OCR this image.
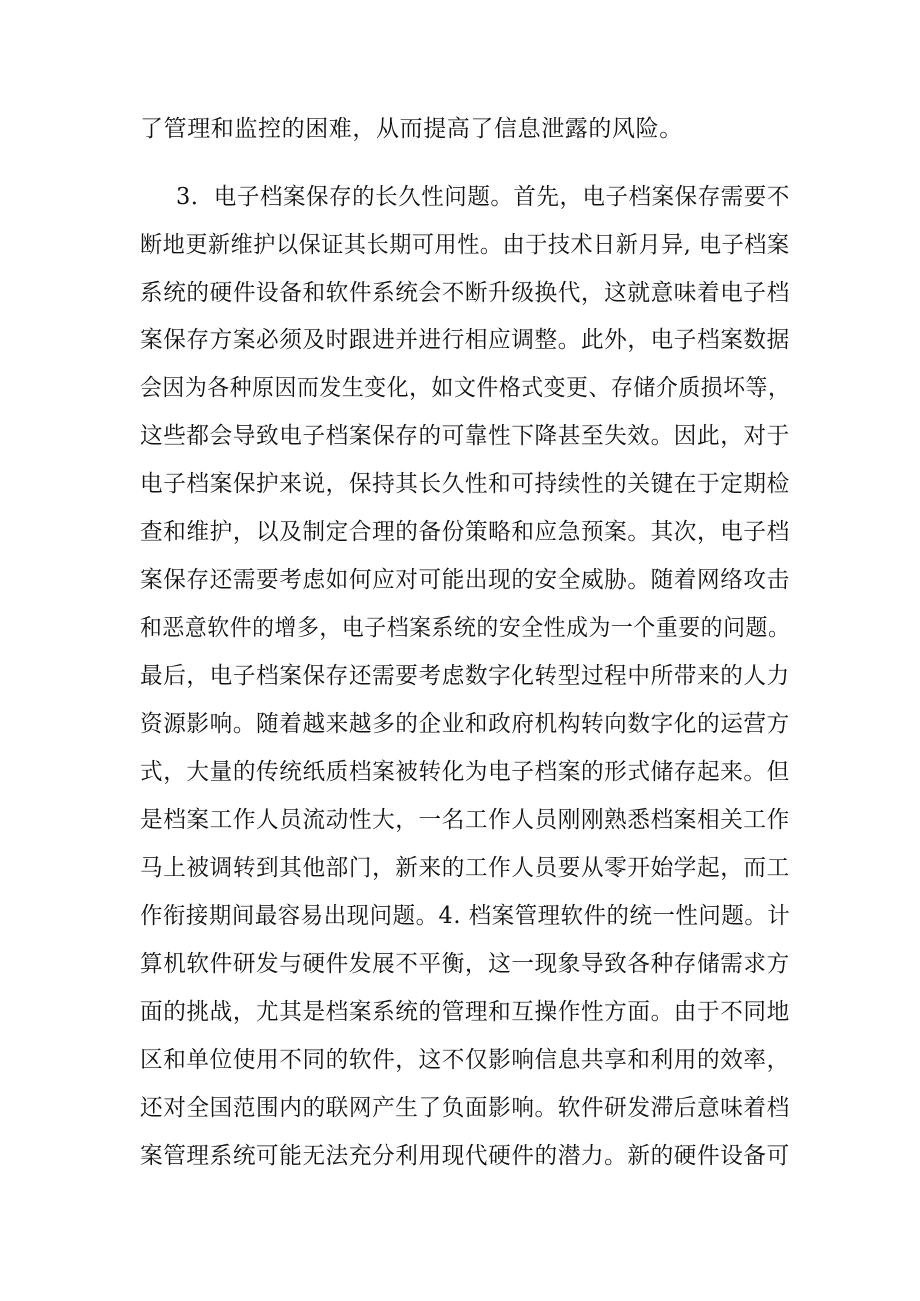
了管理和监控的困难，从而提高了信息泄露的风险。
3．电子档案保存的长久性问题。首先，电子档案保存需要不
断地更新维护以保证其长期可用性。由于技术日新月异, 电子档案
系统的硬件设备和软件系统会不断升级换代，这就意味着电子档
案保存方案必须及时跟进并进行相应调整。此外，电子档案数据
会因为各种原因而发生变化，如文件格式变更、存储介质损坏等，
这些都会导致电子档案保存的可靠性下降甚至失效。因此，对于
电子档案保护来说，保持其长久性和可持续性的关键在于定期检
查和维护，以及制定合理的备份策略和应急预案。其次，电子档
案保存还需要考虑如何应对可能出现的安全威胁。随着网络攻击
和恶意软件的增多，电子档案系统的安全性成为一个重要的问题。
最后，电子档案保存还需要考虑数字化转型过程中所带来的人力
资源影响。随着越来越多的企业和政府机构转向数字化的运营方
式，大量的传统纸质档案被转化为电子档案的形式储存起来。但
是档案工作人员流动性大，一名工作人员刚刚熟悉档案相关工作
马上被调转到其他部门，新来的工作人员要从零开始学起，而工
作衔接期间最容易出现问题。4. 档案管理软件的统一性问题。计
算机软件研发与硬件发展不平衡，这一现象导致各种存储需求方
面的挑战，尤其是档案系统的管理和互操作性方面。由于不同地
区和单位使用不同的软件，这不仅影响信息共享和利用的效率，
还对全国范围内的联网产生了负面影响。软件研发滞后意味着档
案管理系统可能无法充分利用现代硬件的潜力。新的硬件设备可
